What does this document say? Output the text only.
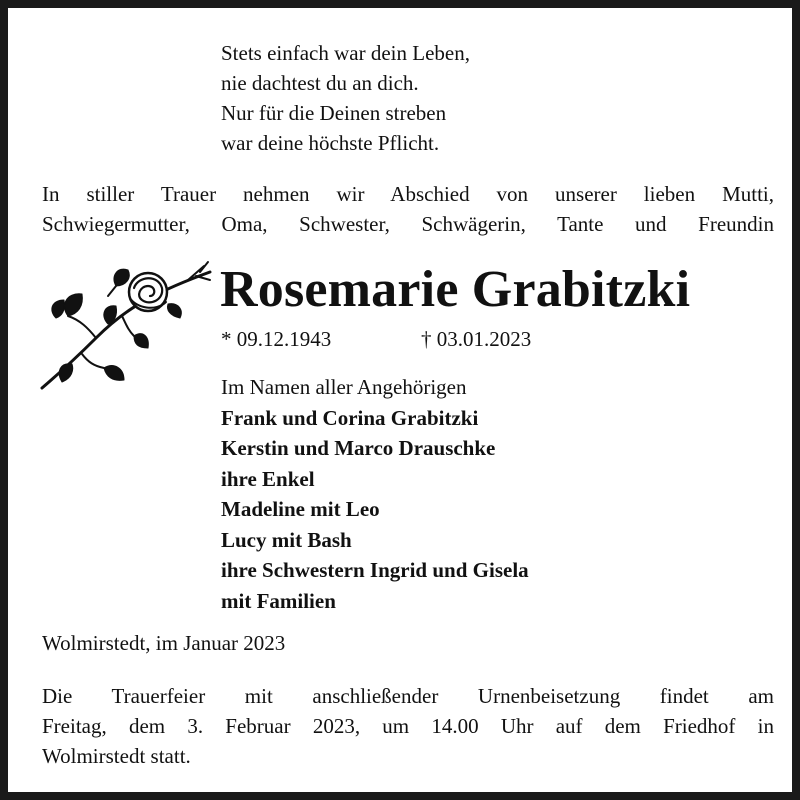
Stets einfach war dein Leben,
nie dachtest du an dich.
Nur für die Deinen streben
war deine höchste Pflicht.
In stiller Trauer nehmen wir Abschied von unserer lieben Mutti,
Schwiegermutter, Oma, Schwester, Schwägerin, Tante und Freundin
Rosemarie Grabitzki
* 09.12.1943	† 03.01.2023
Im Namen aller Angehörigen
Frank und Corina Grabitzki
Kerstin und Marco Drauschke
ihre Enkel
Madeline mit Leo
Lucy mit Bash
ihre Schwestern Ingrid und Gisela
mit Familien
Wolmirstedt, im Januar 2023
Die Trauerfeier mit anschließender Urnenbeisetzung findet am
Freitag, dem 3. Februar 2023, um 14.00 Uhr auf dem Friedhof in
Wolmirstedt statt.
